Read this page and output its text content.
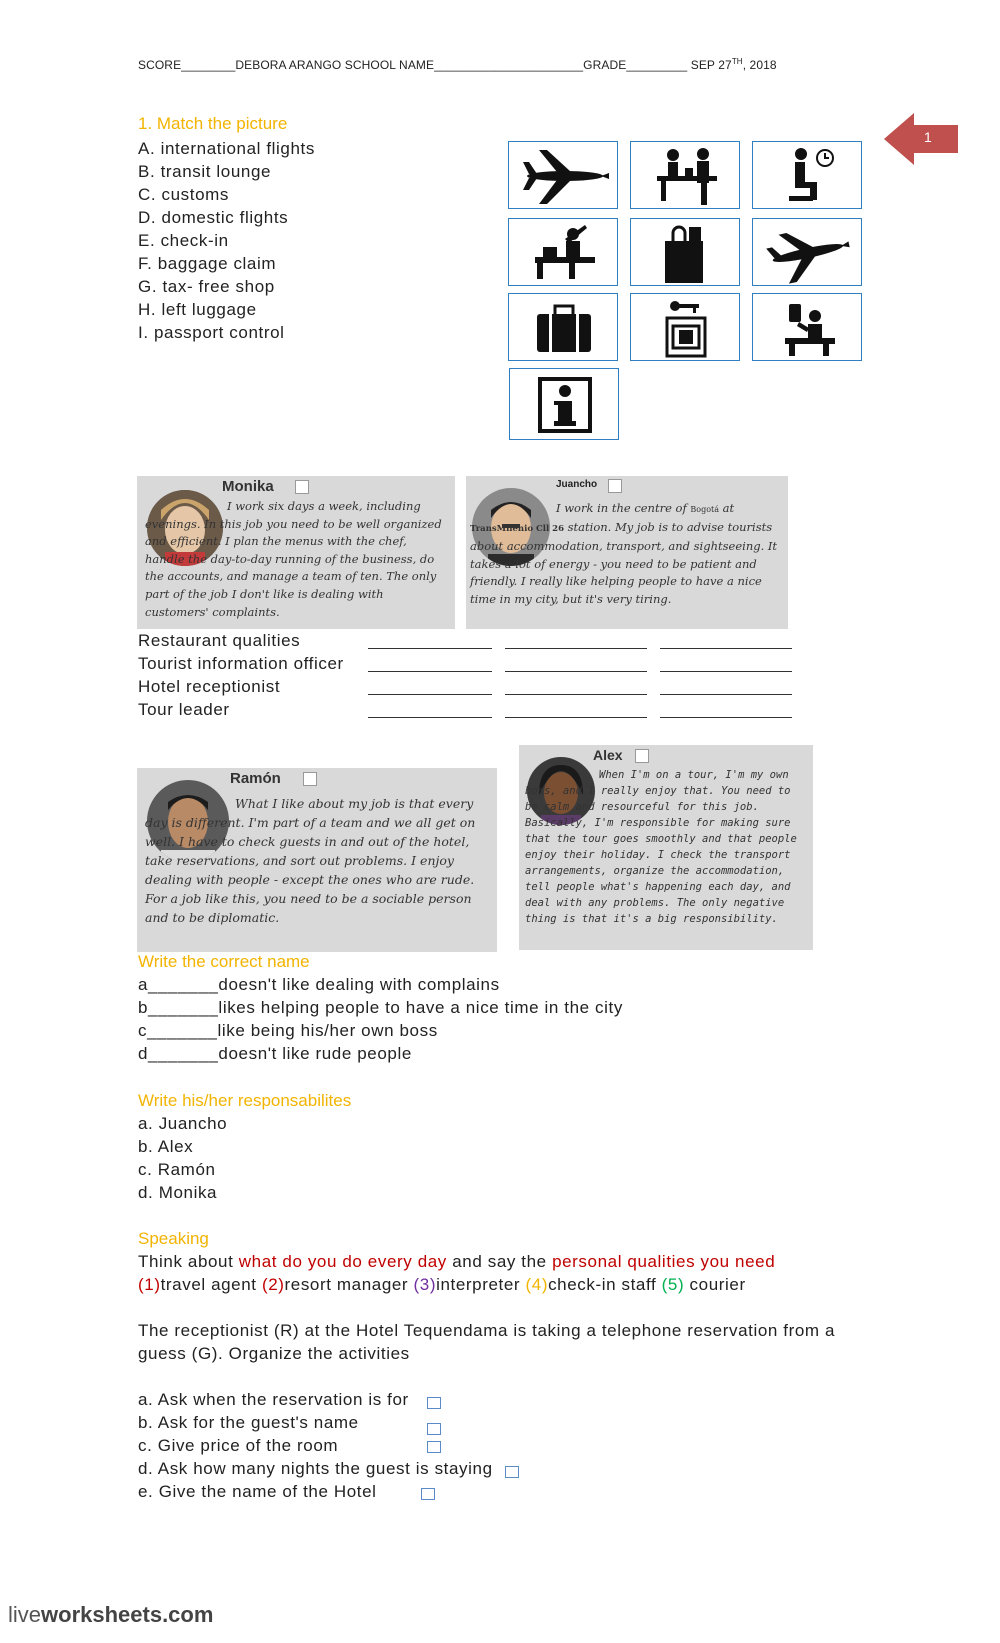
SCORE________DEBORA ARANGO SCHOOL NAME______________________GRADE_________ SEP 27TH, 2018
1
1. Match the picture
A. international flights
B. transit lounge
C. customs
D. domestic flights
E. check-in
F. baggage claim
G. tax- free shop
H. left luggage
I. passport control
Monika
I work six days a week, including evenings. In this job you need to be well organized and efficient. I plan the menus with the chef, handle the day-to-day running of the business, do the accounts, and manage a team of ten. The only part of the job I don't like is dealing with customers' complaints.
Juancho
I work in the centre of Bogotá at TransMilenio Cll 26 station. My job is to advise tourists about accommodation, transport, and sightseeing. It takes a lot of energy - you need to be patient and friendly. I really like helping people to have a nice time in my city, but it's very tiring.
Restaurant qualities
Tourist information officer
Hotel receptionist
Tour leader
Ramón
What I like about my job is that every day is different. I'm part of a team and we all get on well. I have to check guests in and out of the hotel, take reservations, and sort out problems. I enjoy dealing with people - except the ones who are rude. For a job like this, you need to be a sociable person and to be diplomatic.
Alex
When I'm on a tour, I'm my own boss, and I really enjoy that. You need to be calm and resourceful for this job. Basically, I'm responsible for making sure that the tour goes smoothly and that people enjoy their holiday. I check the transport arrangements, organize the accommodation, tell people what's happening each day, and deal with any problems. The only negative thing is that it's a big responsibility.
Write the correct name
a_______doesn't like dealing with complains
b_______likes helping people to have a nice time in the city
c_______like being his/her own boss
d_______doesn't like rude people
Write his/her responsabilites
a. Juancho
b. Alex
c. Ramón
d. Monika
Speaking
Think about what do you do every day and say the personal qualities you need
(1)travel agent (2)resort manager (3)interpreter (4)check-in staff (5) courier
The receptionist (R) at the Hotel Tequendama is taking a telephone reservation from a
guess (G). Organize the activities
a. Ask when the reservation is for
b. Ask for the guest's name
c. Give price of the room
d. Ask how many nights the guest is staying
e. Give the name of the Hotel
liveworksheets.com
